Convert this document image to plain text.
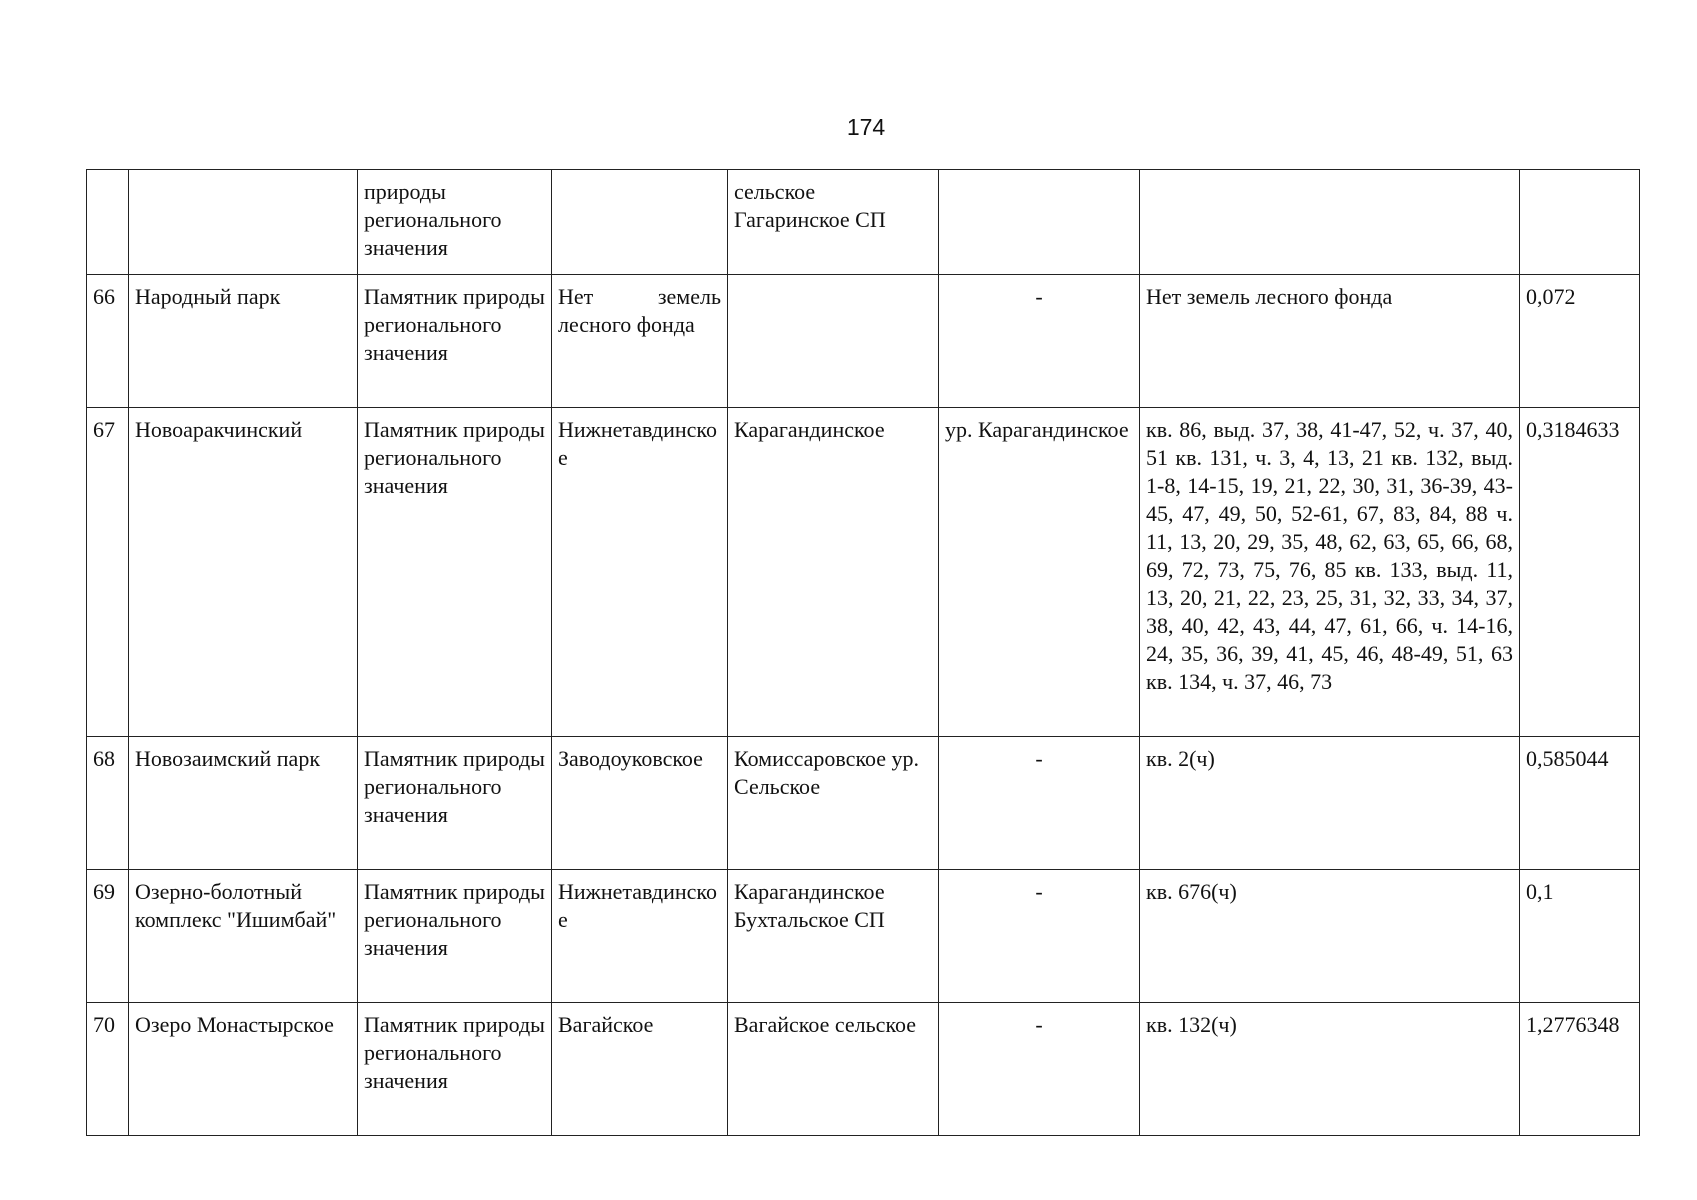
174
		природы регионального значения		сельское Гагаринское СП			
66	Народный парк	Памятник природы регионального значения	Нет земель лесного фонда		-	Нет земель лесного фонда	0,072
67	Новоаракчинский	Памятник природы регионального значения	Нижнетавдинское	Карагандинское	ур. Карагандинское	кв. 86, выд. 37, 38, 41-47, 52, ч. 37, 40, 51 кв. 131, ч. 3, 4, 13, 21 кв. 132, выд. 1-8, 14-15, 19, 21, 22, 30, 31, 36-39, 43-45, 47, 49, 50, 52-61, 67, 83, 84, 88 ч. 11, 13, 20, 29, 35, 48, 62, 63, 65, 66, 68, 69, 72, 73, 75, 76, 85 кв. 133, выд. 11, 13, 20, 21, 22, 23, 25, 31, 32, 33, 34, 37, 38, 40, 42, 43, 44, 47, 61, 66, ч. 14-16, 24, 35, 36, 39, 41, 45, 46, 48-49, 51, 63 кв. 134, ч. 37, 46, 73	0,3184633
68	Новозаимский парк	Памятник природы регионального значения	Заводоуковское	Комиссаровское ур. Сельское	-	кв. 2(ч)	0,585044
69	Озерно-болотный комплекс "Ишимбай"	Памятник природы регионального значения	Нижнетавдинское	Карагандинское Бухтальское СП	-	кв. 676(ч)	0,1
70	Озеро Монастырское	Памятник природы регионального значения	Вагайское	Вагайское сельское	-	кв. 132(ч)	1,2776348
